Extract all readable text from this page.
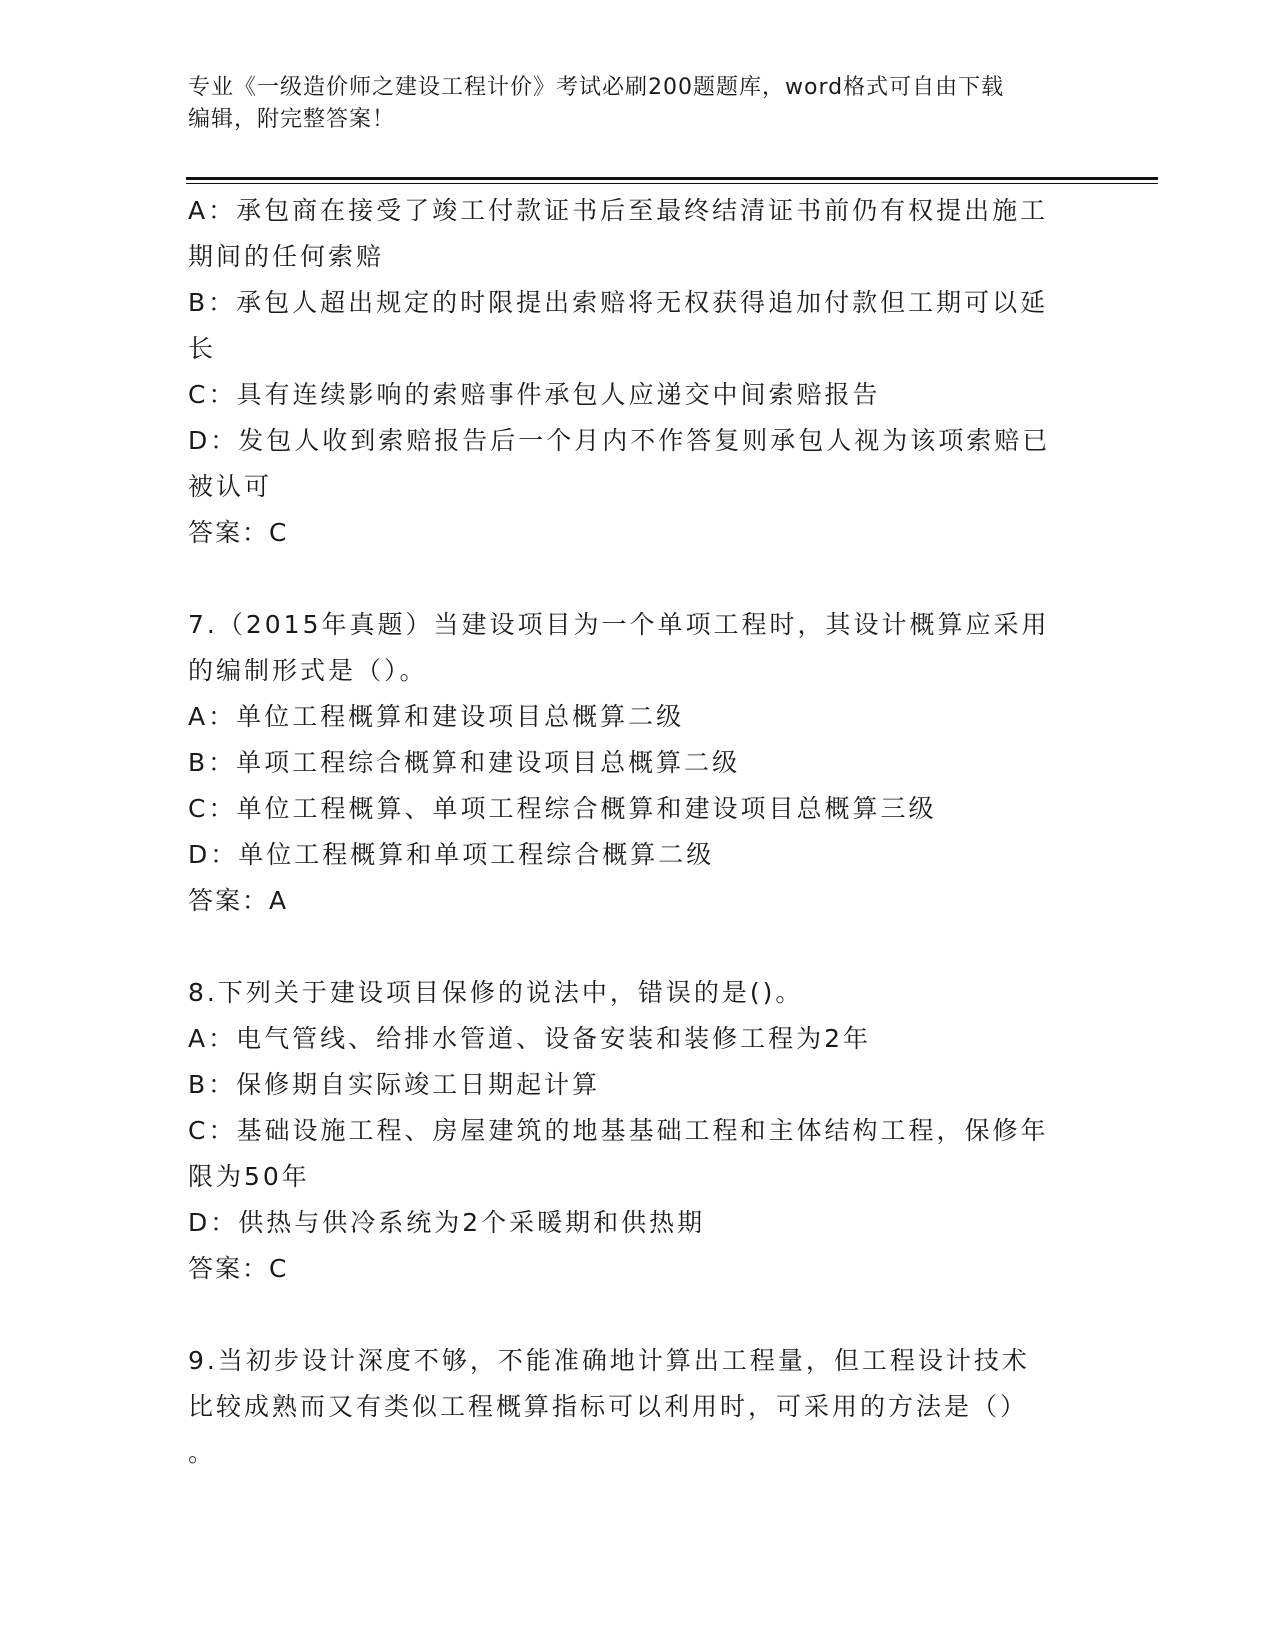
专业《一级造价师之建设工程计价》考试必刷200题题库，word格式可自由下载
编辑，附完整答案！
A：承包商在接受了竣工付款证书后至最终结清证书前仍有权提出施工
期间的任何索赔
B：承包人超出规定的时限提出索赔将无权获得追加付款但工期可以延
长
C：具有连续影响的索赔事件承包人应递交中间索赔报告
D：发包人收到索赔报告后一个月内不作答复则承包人视为该项索赔已
被认可
答案：C
7.（2015年真题）当建设项目为一个单项工程时，其设计概算应采用
的编制形式是（）。
A：单位工程概算和建设项目总概算二级
B：单项工程综合概算和建设项目总概算二级
C：单位工程概算、单项工程综合概算和建设项目总概算三级
D：单位工程概算和单项工程综合概算二级
答案：A
8.下列关于建设项目保修的说法中，错误的是()。
A：电气管线、给排水管道、设备安装和装修工程为2年
B：保修期自实际竣工日期起计算
C：基础设施工程、房屋建筑的地基基础工程和主体结构工程，保修年
限为50年
D：供热与供冷系统为2个采暖期和供热期
答案：C
9.当初步设计深度不够，不能准确地计算出工程量，但工程设计技术
比较成熟而又有类似工程概算指标可以利用时，可采用的方法是（）
。
